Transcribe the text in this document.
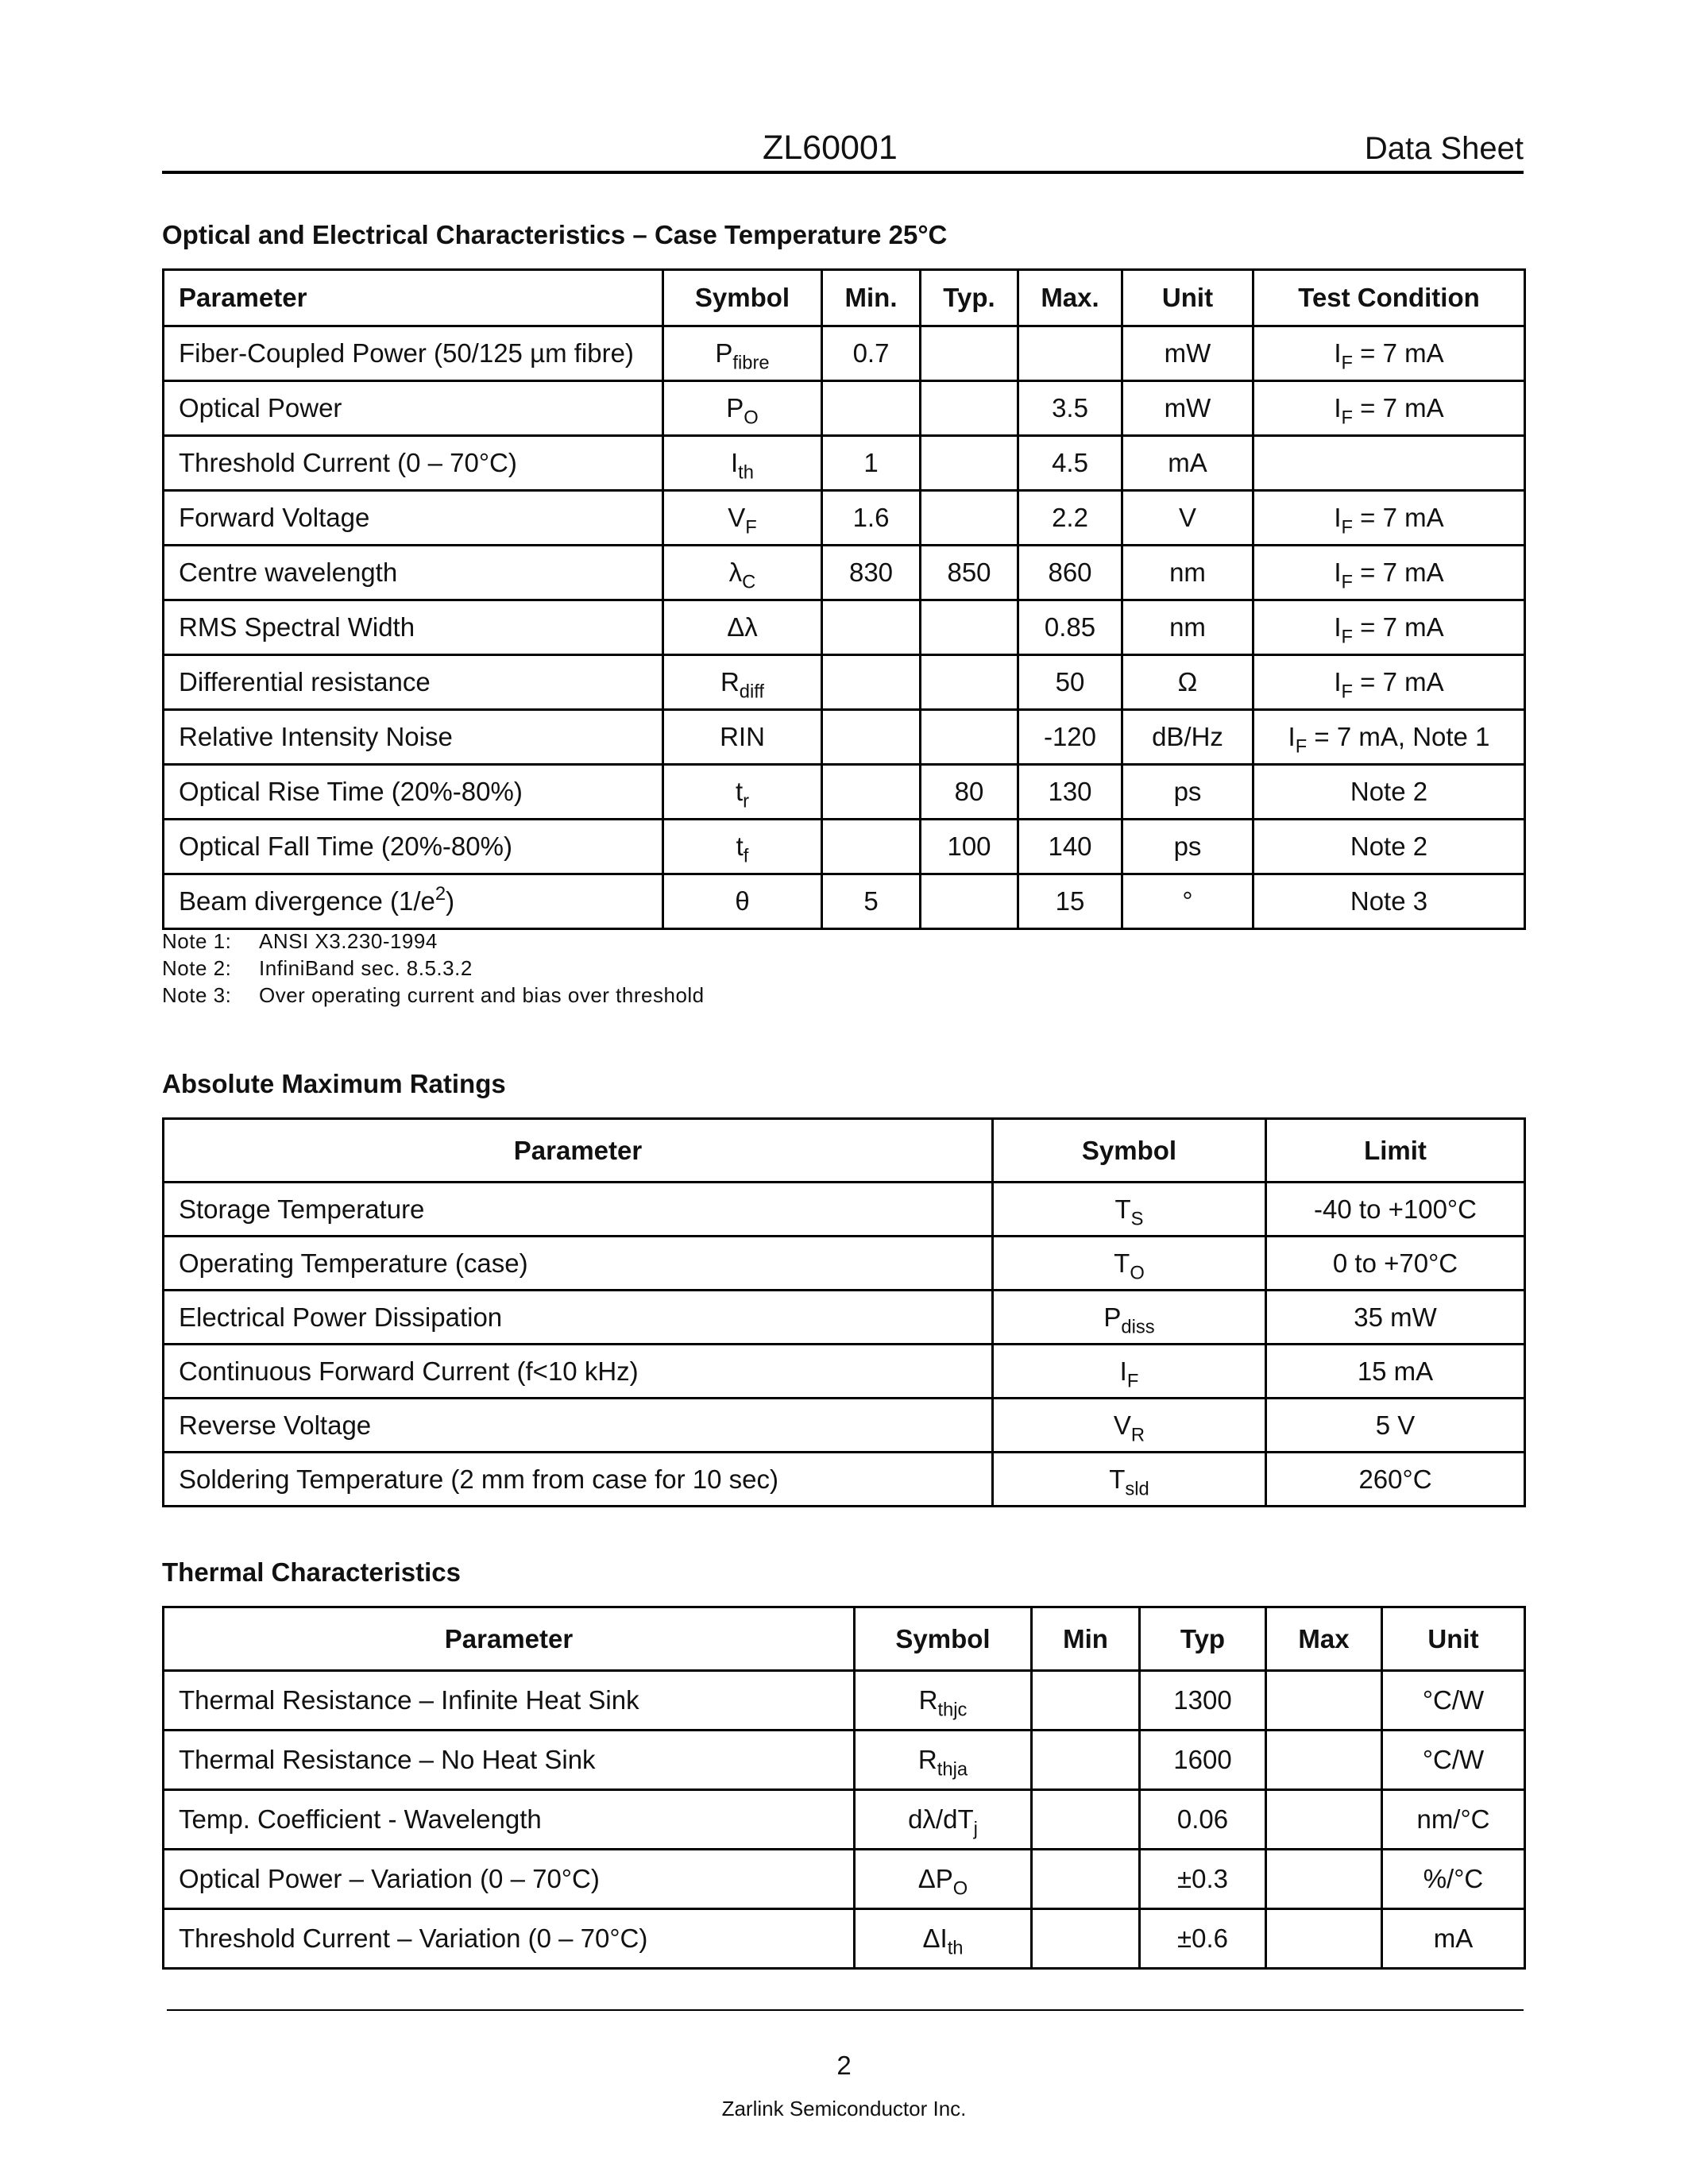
ZL60001	Data Sheet
Optical and Electrical Characteristics – Case Temperature 25°C
Parameter	Symbol	Min.	Typ.	Max.	Unit	Test Condition
Fiber-Coupled Power (50/125 µm fibre)	$P_{fibre}$	0.7			mW	$I_F = 7$ mA
Optical Power	$P_O$			3.5	mW	$I_F = 7$ mA
Threshold Current (0 – 70°C)	$I_{th}$	1		4.5	mA	
Forward Voltage	$V_F$	1.6		2.2	V	$I_F = 7$ mA
Centre wavelength	$\lambda_C$	830	850	860	nm	$I_F = 7$ mA
RMS Spectral Width	Δλ			0.85	nm	$I_F = 7$ mA
Differential resistance	$R_{diff}$			50	Ω	$I_F = 7$ mA
Relative Intensity Noise	RIN			-120	dB/Hz	$I_F = 7$ mA, Note 1
Optical Rise Time (20%-80%)	$t_r$		80	130	ps	Note 2
Optical Fall Time (20%-80%)	$t_f$		100	140	ps	Note 2
Beam divergence $(1/e^2)$	θ	5		15	°	Note 3
Note 1: ANSI X3.230-1994
Note 2: InfiniBand sec. 8.5.3.2
Note 3: Over operating current and bias over threshold
Absolute Maximum Ratings
Parameter	Symbol	Limit
Storage Temperature	$T_S$	-40 to +100°C
Operating Temperature (case)	$T_O$	0 to +70°C
Electrical Power Dissipation	$P_{diss}$	35 mW
Continuous Forward Current (f<10 kHz)	$I_F$	15 mA
Reverse Voltage	$V_R$	5 V
Soldering Temperature (2 mm from case for 10 sec)	$T_{sld}$	260°C
Thermal Characteristics
Parameter	Symbol	Min	Typ	Max	Unit
Thermal Resistance – Infinite Heat Sink	$R_{thjc}$		1300		°C/W
Thermal Resistance – No Heat Sink	$R_{thja}$		1600		°C/W
Temp. Coefficient - Wavelength	$d\lambda/dT_j$		0.06		nm/°C
Optical Power – Variation (0 – 70°C)	$\Delta P_O$		±0.3		%/°C
Threshold Current – Variation (0 – 70°C)	$\Delta I_{th}$		±0.6		mA
2
Zarlink Semiconductor Inc.
